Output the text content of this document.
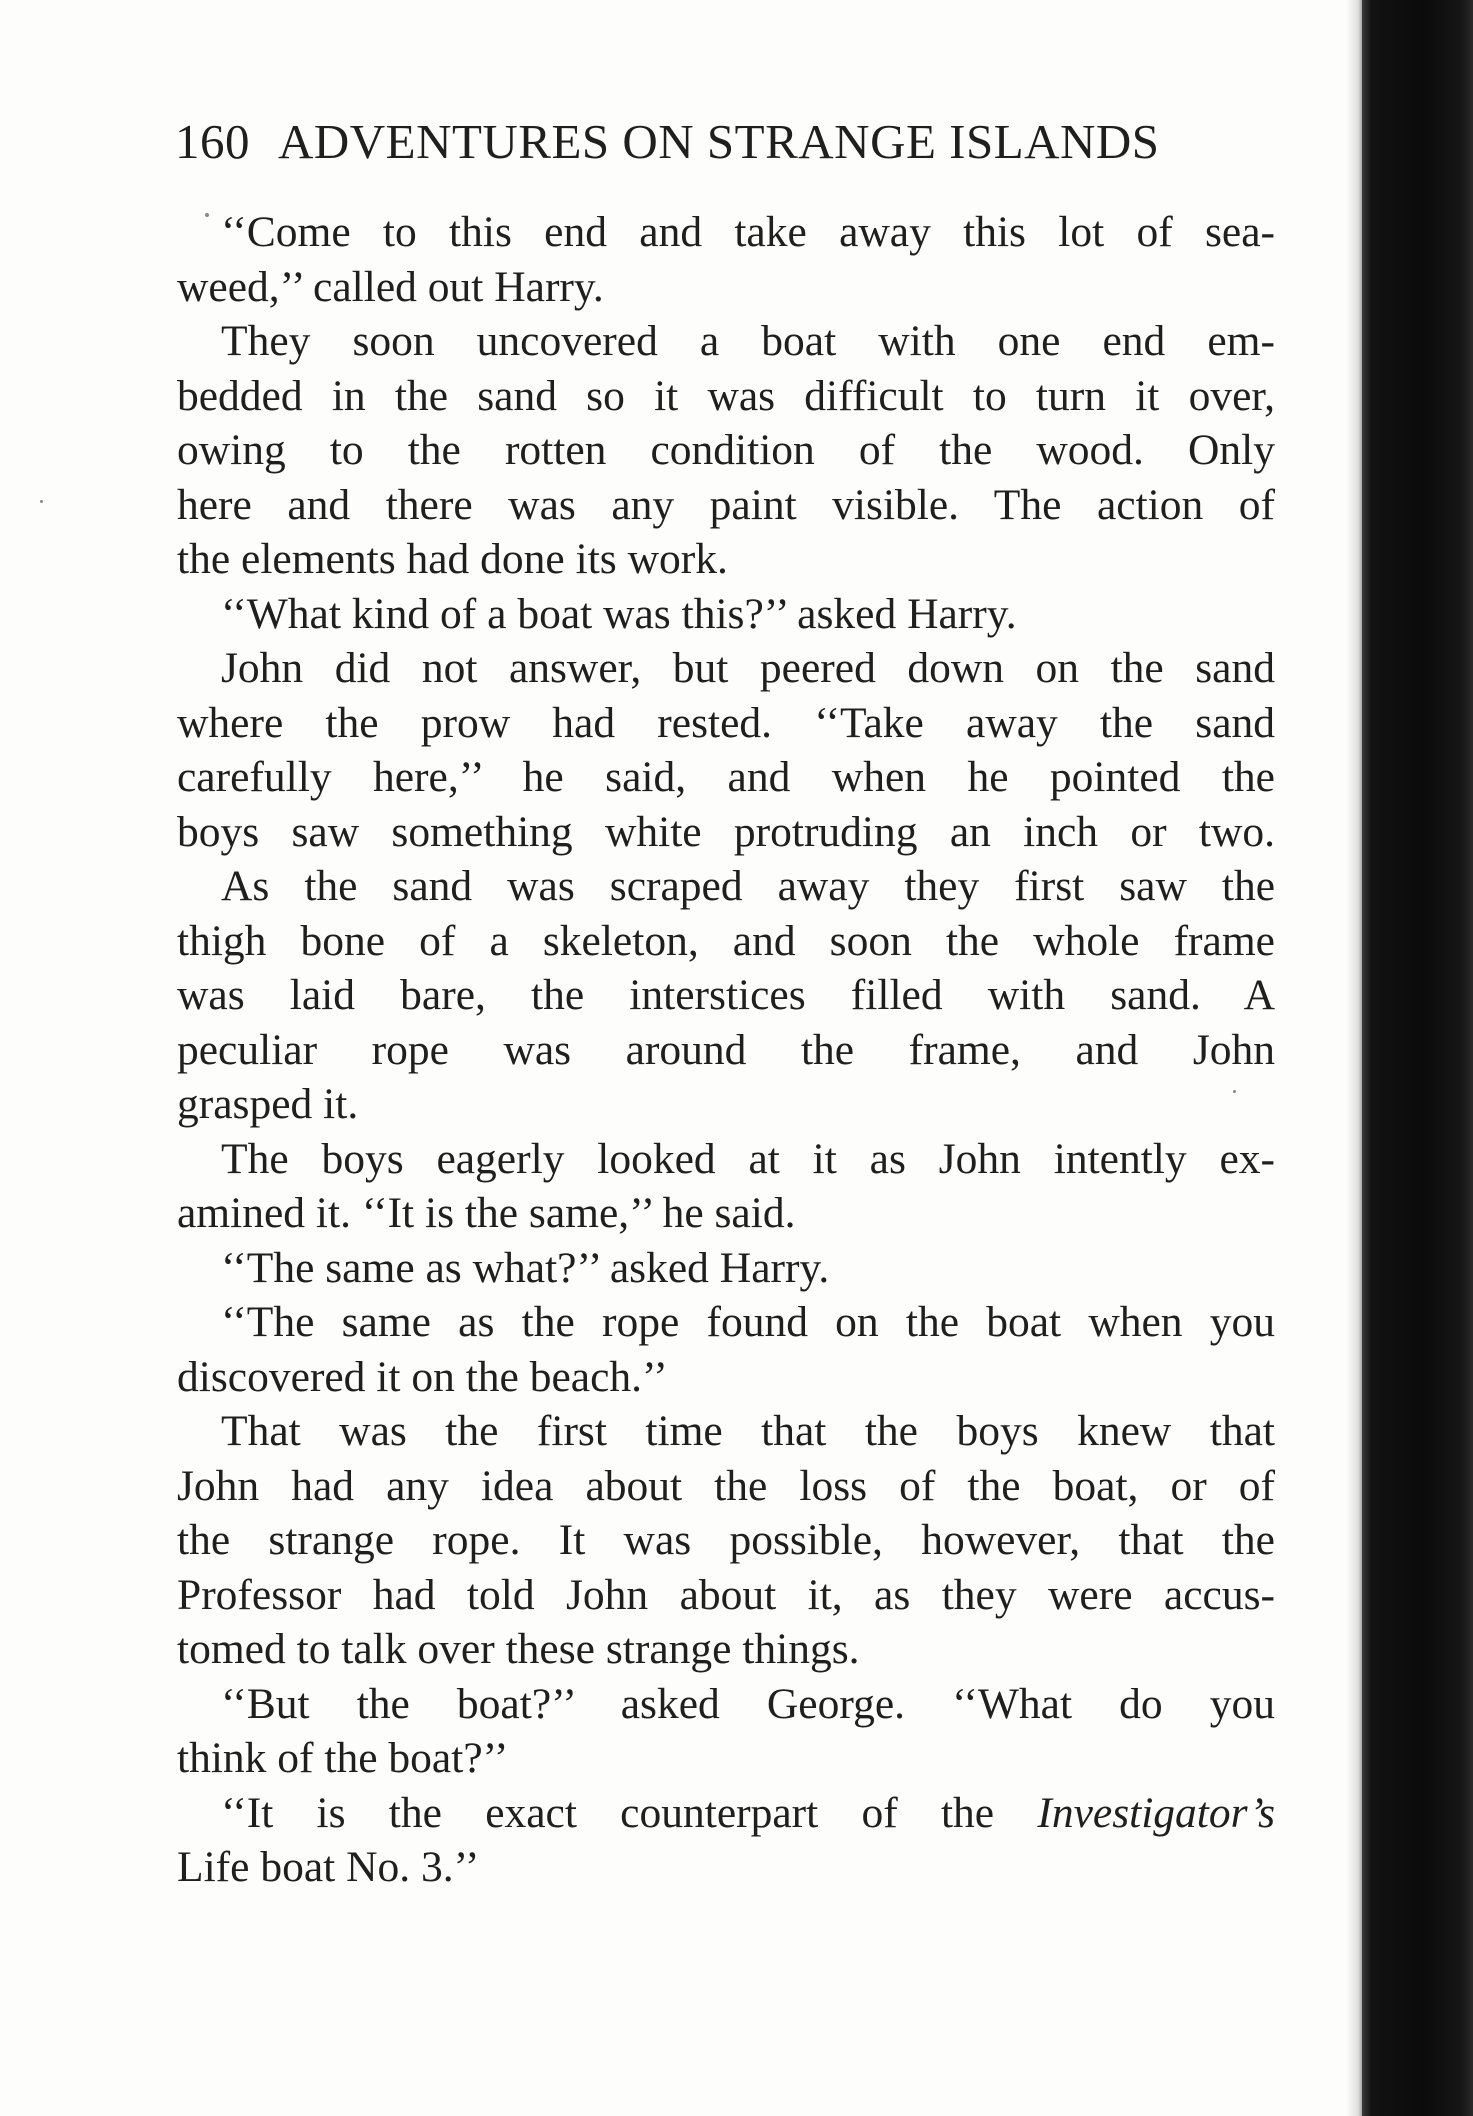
160 ADVENTURES ON STRANGE ISLANDS
‘‘Come to this end and take away this lot of sea-
weed,’’ called out Harry.
They soon uncovered a boat with one end em-
bedded in the sand so it was difficult to turn it over,
owing to the rotten condition of the wood. Only
here and there was any paint visible. The action of
the elements had done its work.
‘‘What kind of a boat was this?’’ asked Harry.
John did not answer, but peered down on the sand
where the prow had rested. ‘‘Take away the sand
carefully here,’’ he said, and when he pointed the
boys saw something white protruding an inch or two.
As the sand was scraped away they first saw the
thigh bone of a skeleton, and soon the whole frame
was laid bare, the interstices filled with sand. A
peculiar rope was around the frame, and John
grasped it.
The boys eagerly looked at it as John intently ex-
amined it. ‘‘It is the same,’’ he said.
‘‘The same as what?’’ asked Harry.
‘‘The same as the rope found on the boat when you
discovered it on the beach.’’
That was the first time that the boys knew that
John had any idea about the loss of the boat, or of
the strange rope. It was possible, however, that the
Professor had told John about it, as they were accus-
tomed to talk over these strange things.
‘‘But the boat?’’ asked George. ‘‘What do you
think of the boat?’’
‘‘It is the exact counterpart of the Investigator’s
Life boat No. 3.’’
